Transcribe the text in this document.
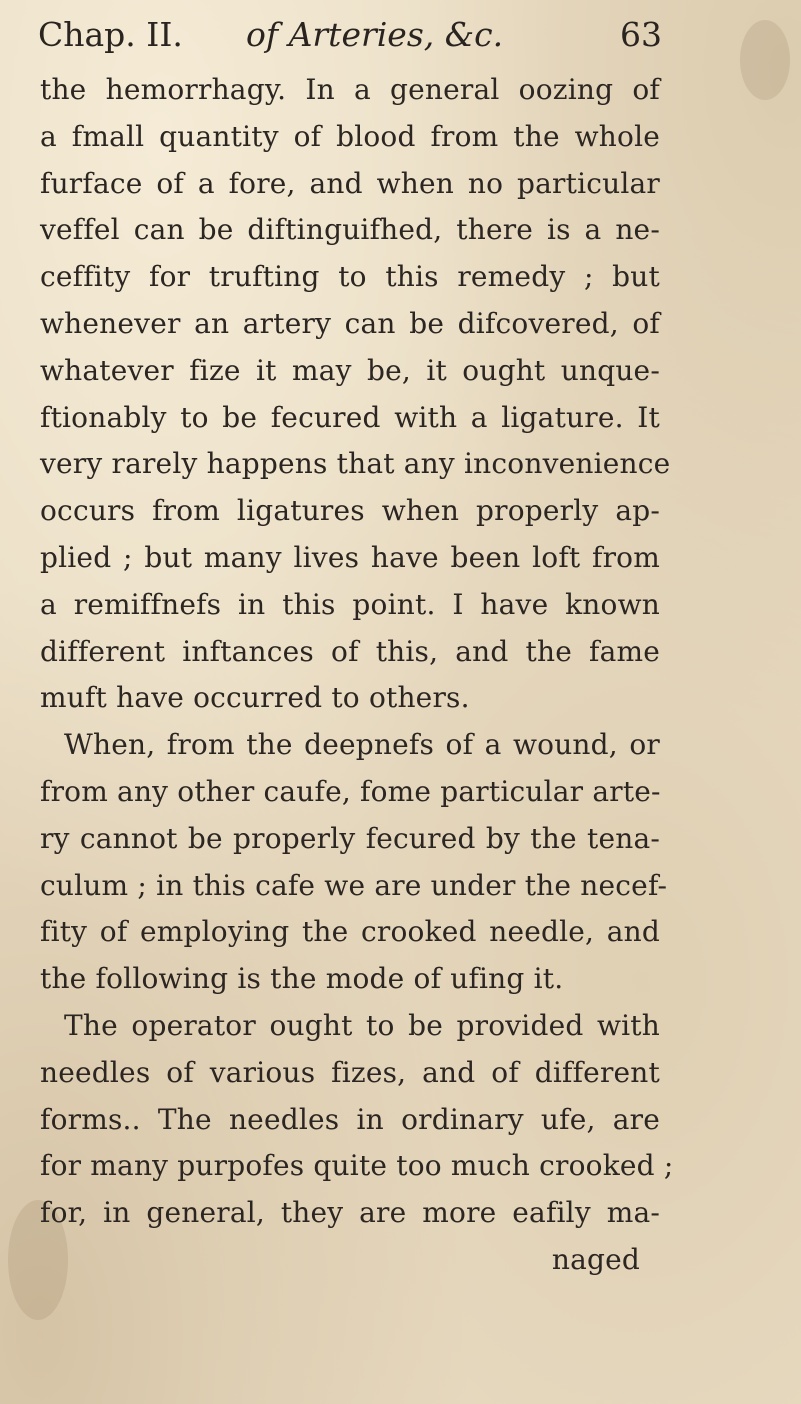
Chap. II. of Arteries, &c.	63
the hemorrhagy. In a general oozing of
a fmall quantity of blood from the whole
furface of a fore, and when no particular
veffel can be diftinguifhed, there is a ne-
ceffity for trufting to this remedy ; but
whenever an artery can be difcovered, of
whatever fize it may be, it ought unque-
ftionably to be fecured with a ligature. It
very rarely happens that any inconvenience
occurs from ligatures when properly ap-
plied ; but many lives have been loft from
a remiffnefs in this point. I have known
different inftances of this, and the fame
muft have occurred to others.
When, from the deepnefs of a wound, or
from any other caufe, fome particular arte-
ry cannot be properly fecured by the tena-
culum ; in this cafe we are under the necef-
fity of employing the crooked needle, and
the following is the mode of ufing it.
The operator ought to be provided with
needles of various fizes, and of different
forms.. The needles in ordinary ufe, are
for many purpofes quite too much crooked ;
for, in general, they are more eafily ma-
naged
